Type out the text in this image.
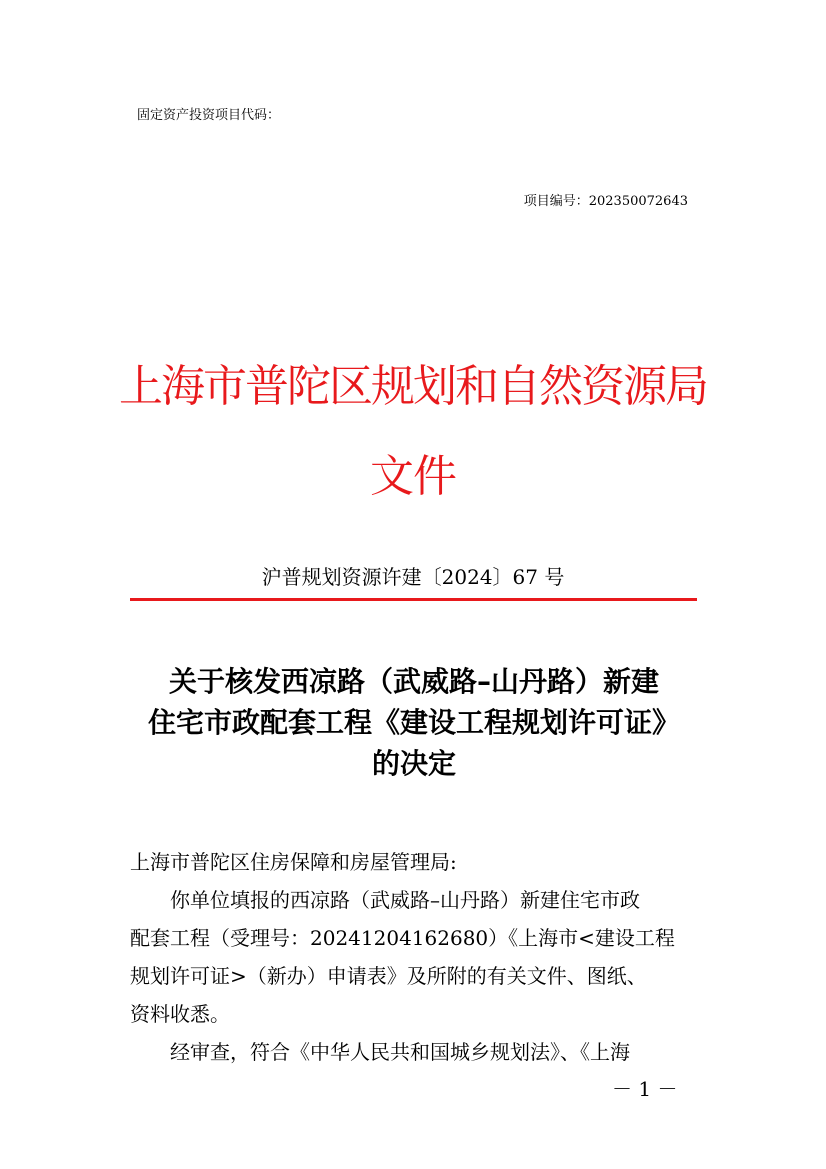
固定资产投资项目代码：
项目编号：202350072643
上海市普陀区规划和自然资源局
文件
沪普规划资源许建〔2024〕67 号
关于核发西凉路（武威路–山丹路）新建
住宅市政配套工程《建设工程规划许可证》
的决定
上海市普陀区住房保障和房屋管理局:
你单位填报的西凉路（武威路–山丹路）新建住宅市政
配套工程（受理号：20241204162680）《上海市<建设工程
规划许可证>（新办）申请表》及所附的有关文件、图纸、
资料收悉。
经审查，符合《中华人民共和国城乡规划法》、《上海
－ 1 －
